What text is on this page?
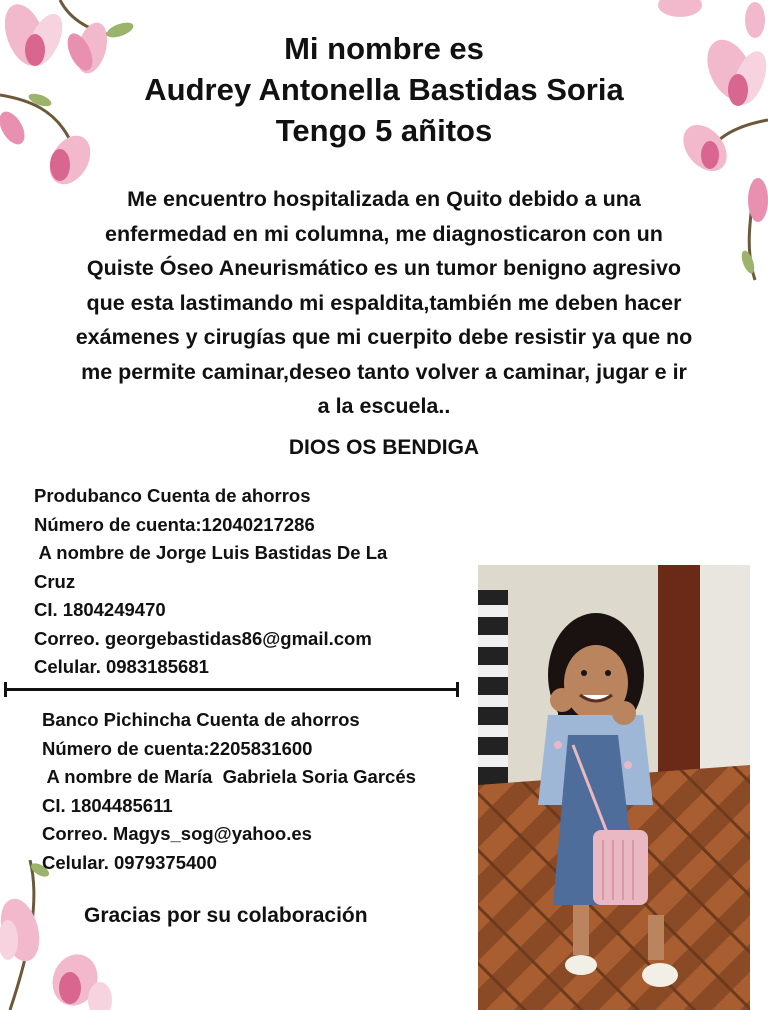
Mi nombre es
Audrey Antonella Bastidas Soria
Tengo 5 añitos
Me encuentro hospitalizada en Quito debido a una
enfermedad en mi columna, me diagnosticaron con un
Quiste Óseo Aneurismático es un tumor benigno agresivo
que esta lastimando mi espaldita,también me deben hacer
exámenes y cirugías que mi cuerpito debe resistir ya que no
me permite caminar,deseo tanto volver a caminar, jugar e ir
a la escuela..
DIOS OS BENDIGA
Produbanco Cuenta de ahorros
Número de cuenta:12040217286
A nombre de Jorge Luis Bastidas De La
Cruz
CI. 1804249470
Correo. georgebastidas86@gmail.com
Celular. 0983185681
Banco Pichincha Cuenta de ahorros
Número de cuenta:2205831600
A nombre de María  Gabriela Soria Garcés
CI. 1804485611
Correo. Magys_sog@yahoo.es
Celular. 0979375400
Gracias por su colaboración
